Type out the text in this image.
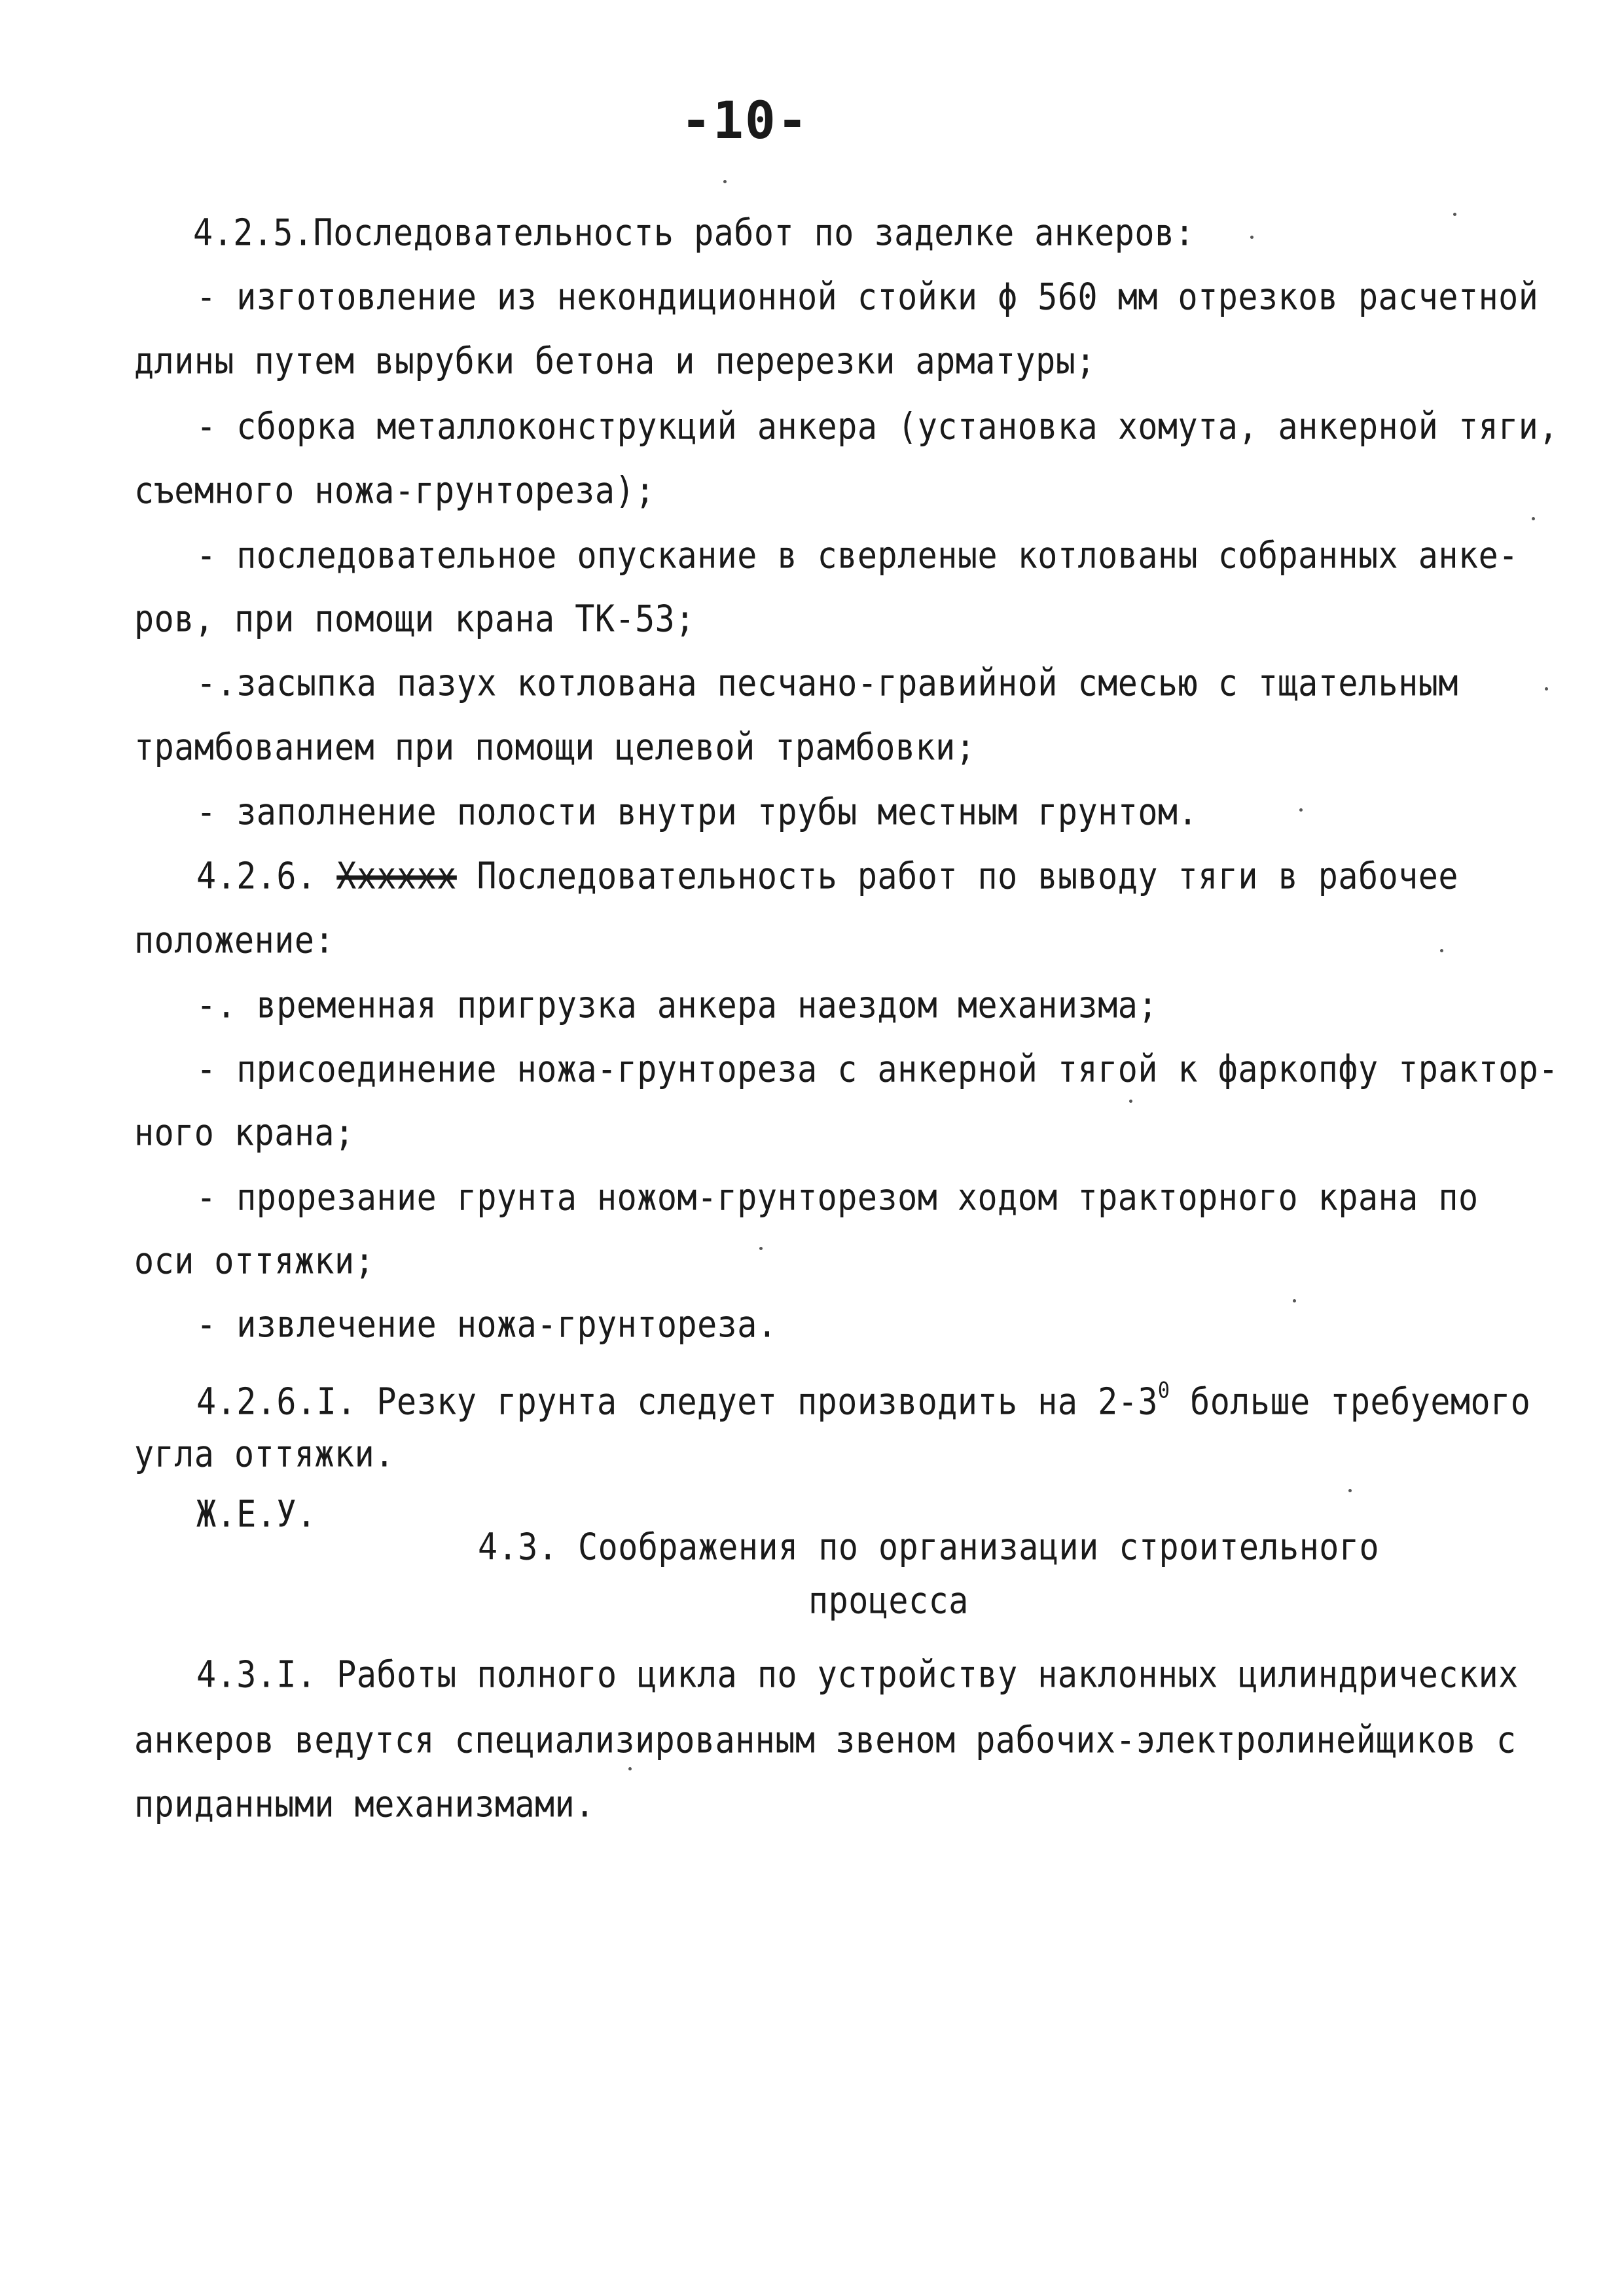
-10-
4.2.5.Последовательность работ по заделке анкеров:
- изготовление из некондиционной стойки ϕ 560 мм отрезков расчетной
длины путем вырубки бетона и перерезки арматуры;
- сборка металлоконструкций анкера (установка хомута, анкерной тяги,
съемного ножа-грунтореза);
- последовательное опускание в сверленые котлованы собранных анке-
ров, при помощи крана ТК-53;
-.засыпка пазух котлована песчано-гравийной смесью с тщательным
трамбованием при помощи целевой трамбовки;
- заполнение полости внутри трубы местным грунтом.
4.2.6. Xxxxxx Последовательность работ по выводу тяги в рабочее
положение:
-. временная пригрузка анкера наездом механизма;
- присоединение ножа-грунтореза с анкерной тягой к фаркопфу трактор-
ного крана;
- прорезание грунта ножом-грунторезом ходом тракторного крана по
оси оттяжки;
- извлечение ножа-грунтореза.
4.2.6.I. Резку грунта следует производить на $2-3^0$ больше требуемого
угла оттяжки.
Ж.Е.У.
4.3. Соображения по организации строительного
процесса
4.3.I. Работы полного цикла по устройству наклонных цилиндрических
анкеров ведутся специализированным звеном рабочих-электролинейщиков с
приданными механизмами.
